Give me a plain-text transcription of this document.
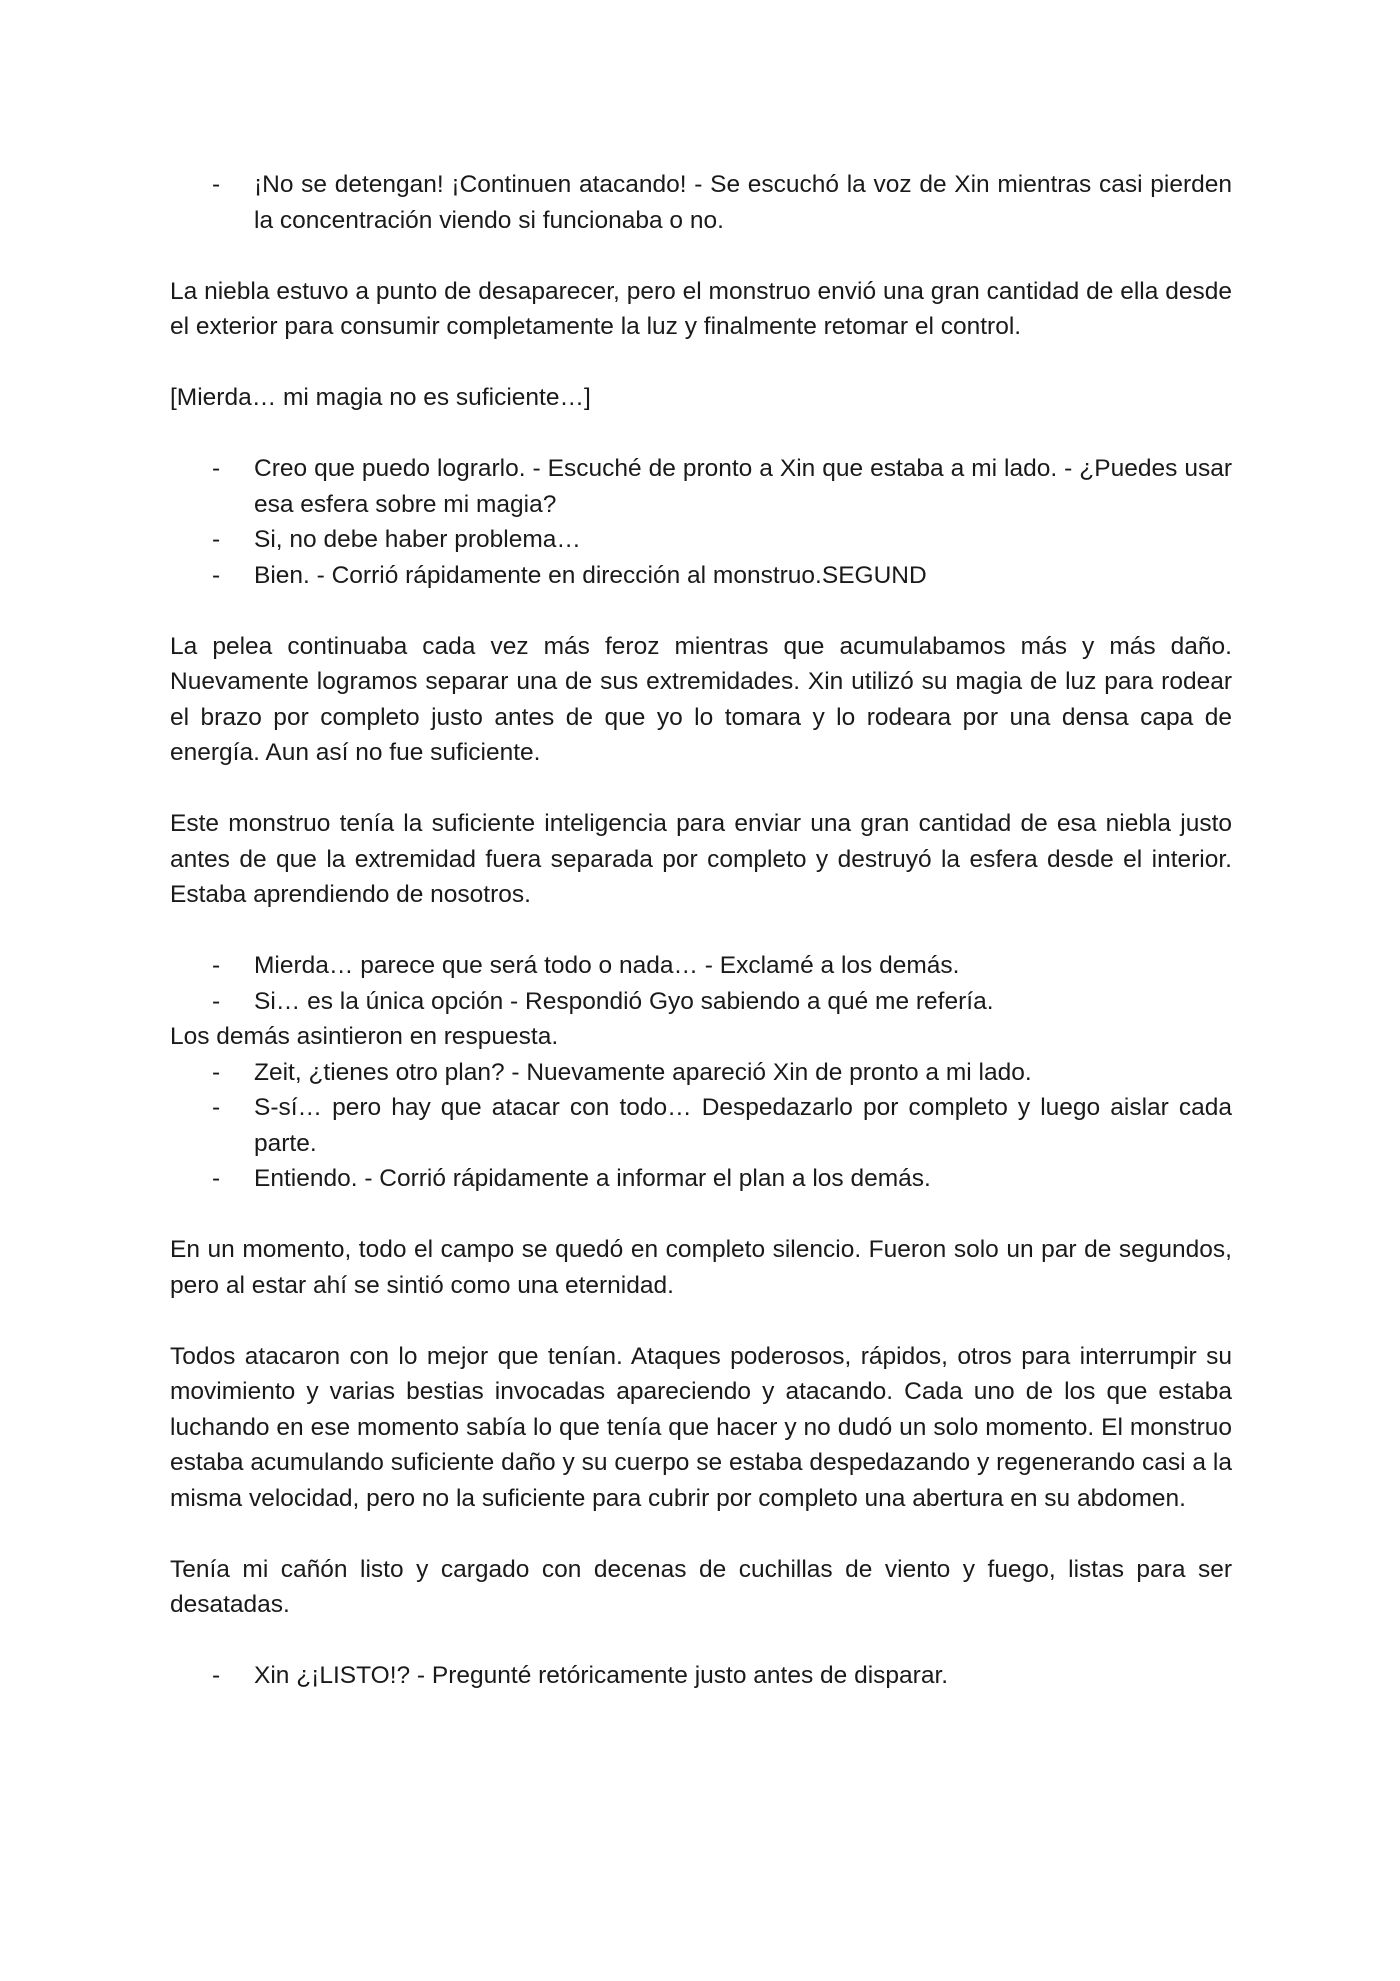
- ¡No se detengan! ¡Continuen atacando! - Se escuchó la voz de Xin mientras casi pierden la concentración viendo si funcionaba o no.

La niebla estuvo a punto de desaparecer, pero el monstruo envió una gran cantidad de ella desde el exterior para consumir completamente la luz y finalmente retomar el control.

[Mierda… mi magia no es suficiente…]

- Creo que puedo lograrlo. - Escuché de pronto a Xin que estaba a mi lado. - ¿Puedes usar esa esfera sobre mi magia?
- Si, no debe haber problema…
- Bien. - Corrió rápidamente en dirección al monstruo.SEGUND

La pelea continuaba cada vez más feroz mientras que acumulabamos más y más daño. Nuevamente logramos separar una de sus extremidades. Xin utilizó su magia de luz para rodear el brazo por completo justo antes de que yo lo tomara y lo rodeara por una densa capa de energía. Aun así no fue suficiente.

Este monstruo tenía la suficiente inteligencia para enviar una gran cantidad de esa niebla justo antes de que la extremidad fuera separada por completo y destruyó la esfera desde el interior. Estaba aprendiendo de nosotros.

- Mierda… parece que será todo o nada… - Exclamé a los demás.
- Si… es la única opción - Respondió Gyo sabiendo a qué me refería.

Los demás asintieron en respuesta.

- Zeit, ¿tienes otro plan? - Nuevamente apareció Xin de pronto a mi lado.
- S-sí… pero hay que atacar con todo… Despedazarlo por completo y luego aislar cada parte.
- Entiendo. - Corrió rápidamente a informar el plan a los demás.

En un momento, todo el campo se quedó en completo silencio. Fueron solo un par de segundos, pero al estar ahí se sintió como una eternidad.

Todos atacaron con lo mejor que tenían. Ataques poderosos, rápidos, otros para interrumpir su movimiento y varias bestias invocadas apareciendo y atacando. Cada uno de los que estaba luchando en ese momento sabía lo que tenía que hacer y no dudó un solo momento. El monstruo estaba acumulando suficiente daño y su cuerpo se estaba despedazando y regenerando casi a la misma velocidad, pero no la suficiente para cubrir por completo una abertura en su abdomen.

Tenía mi cañón listo y cargado con decenas de cuchillas de viento y fuego, listas para ser desatadas.

- Xin ¿¡LISTO!? - Pregunté retóricamente justo antes de disparar.
